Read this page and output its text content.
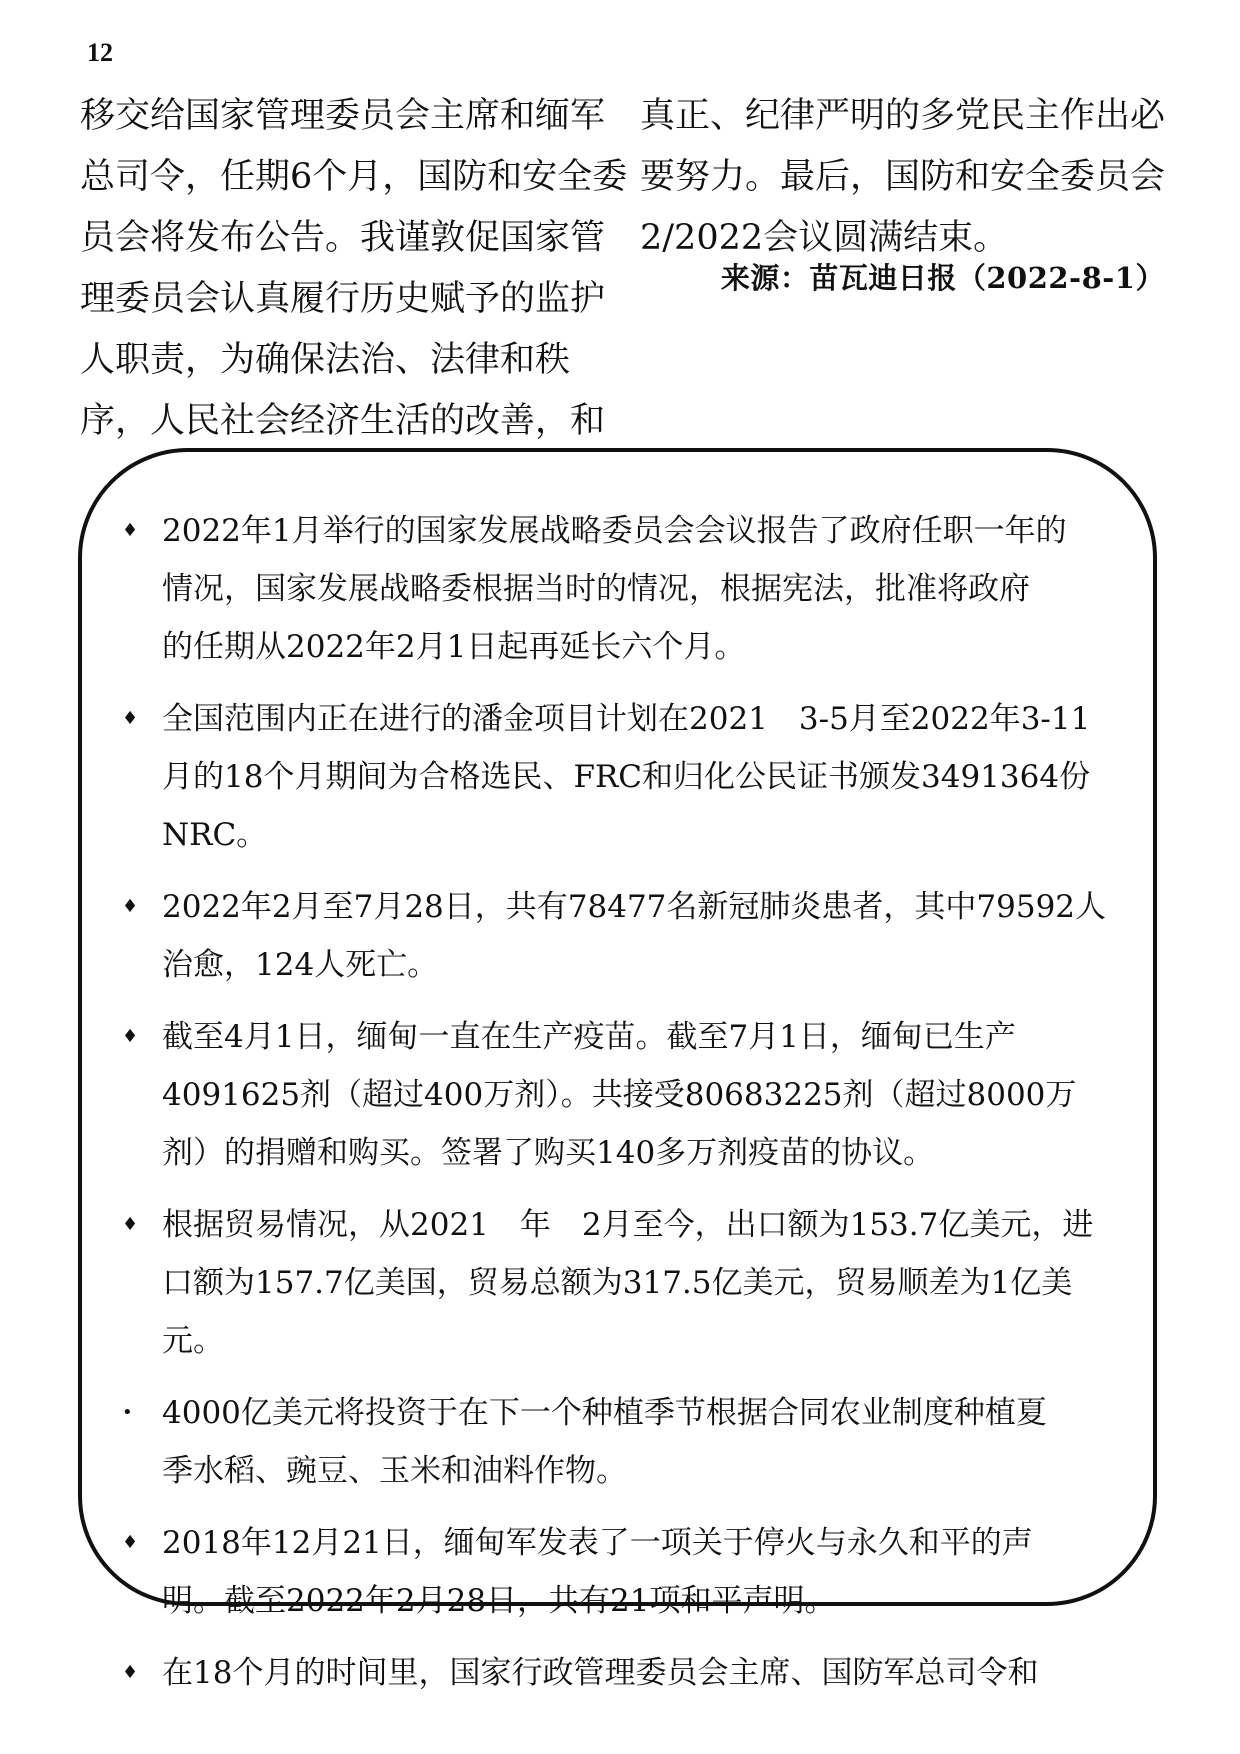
12
移交给国家管理委员会主席和缅军
总司令，任期6个月，国防和安全委
员会将发布公告。我谨敦促国家管
理委员会认真履行历史赋予的监护
人职责，为确保法治、法律和秩
序，人民社会经济生活的改善，和
真正、纪律严明的多党民主作出必
要努力。最后，国防和安全委员会
2/2022会议圆满结束。
来源：苗瓦迪日报（2022-8-1）
♦ 2022年1月举行的国家发展战略委员会会议报告了政府任职一年的
情况，国家发展战略委根据当时的情况，根据宪法，批准将政府
的任期从2022年2月1日起再延长六个月。
♦ 全国范围内正在进行的潘金项目计划在2021　3-5月至2022年3-11
月的18个月期间为合格选民、FRC和归化公民证书颁发3491364份
NRC。
♦ 2022年2月至7月28日，共有78477名新冠肺炎患者，其中79592人
治愈，124人死亡。
♦ 截至4月1日，缅甸一直在生产疫苗。截至7月1日，缅甸已生产
4091625剂（超过400万剂）。共接受80683225剂（超过8000万
剂）的捐赠和购买。签署了购买140多万剂疫苗的协议。
♦ 根据贸易情况，从2021　年　2月至今，出口额为153.7亿美元，进
口额为157.7亿美国，贸易总额为317.5亿美元，贸易顺差为1亿美
元。
• 4000亿美元将投资于在下一个种植季节根据合同农业制度种植夏
季水稻、豌豆、玉米和油料作物。
♦ 2018年12月21日，缅甸军发表了一项关于停火与永久和平的声
明。截至2022年2月28日，共有21项和平声明。
♦ 在18个月的时间里，国家行政管理委员会主席、国防军总司令和
